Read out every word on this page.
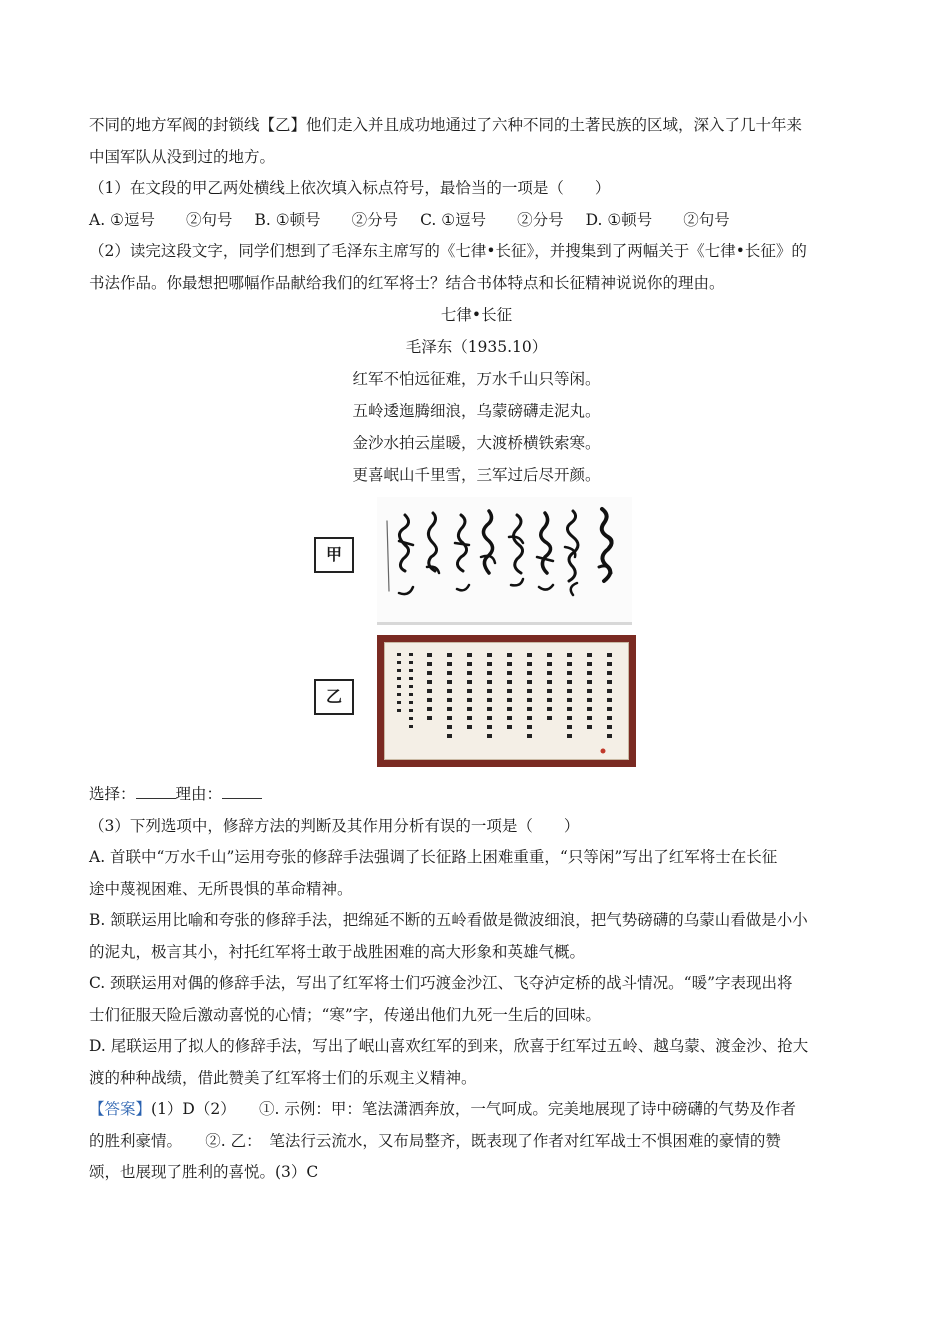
不同的地方军阀的封锁线【乙】他们走入并且成功地通过了六种不同的土著民族的区域，深入了几十年来

中国军队从没到过的地方。

（1）在文段的甲乙两处横线上依次填入标点符号，最恰当的一项是（　　）

A. ①逗号　　②句号 B. ①顿号　　②分号 C. ①逗号　　②分号 D. ①顿号　　②句号

（2）读完这段文字，同学们想到了毛泽东主席写的《七律•长征》，并搜集到了两幅关于《七律•长征》的

书法作品。你最想把哪幅作品献给我们的红军将士？结合书体特点和长征精神说说你的理由。

七律•长征
毛泽东（1935.10）
红军不怕远征难，万水千山只等闲。
五岭逶迤腾细浪，乌蒙磅礴走泥丸。
金沙水拍云崖暖，大渡桥横铁索寒。
更喜岷山千里雪，三军过后尽开颜。
甲
乙

选择：	理由：

（3）下列选项中，修辞方法的判断及其作用分析有误的一项是（　　）

A. 首联中“万水千山”运用夸张的修辞手法强调了长征路上困难重重，“只等闲”写出了红军将士在长征

途中蔑视困难、无所畏惧的革命精神。

B. 颔联运用比喻和夸张的修辞手法，把绵延不断的五岭看做是微波细浪，把气势磅礴的乌蒙山看做是小小

的泥丸，极言其小，衬托红军将士敢于战胜困难的高大形象和英雄气概。

C. 颈联运用对偶的修辞手法，写出了红军将士们巧渡金沙江、飞夺泸定桥的战斗情况。“暖”字表现出将

士们征服天险后激动喜悦的心情；“寒”字，传递出他们九死一生后的回味。

D. 尾联运用了拟人的修辞手法，写出了岷山喜欢红军的到来，欣喜于红军过五岭、越乌蒙、渡金沙、抢大

渡的种种战绩，借此赞美了红军将士们的乐观主义精神。

【答案】(1）D（2）　　①. 示例：甲：笔法潇洒奔放，一气呵成。完美地展现了诗中磅礴的气势及作者

的胜利豪情。　　②. 乙：　笔法行云流水，又布局整齐，既表现了作者对红军战士不惧困难的豪情的赞

颂，也展现了胜利的喜悦。(3）C
